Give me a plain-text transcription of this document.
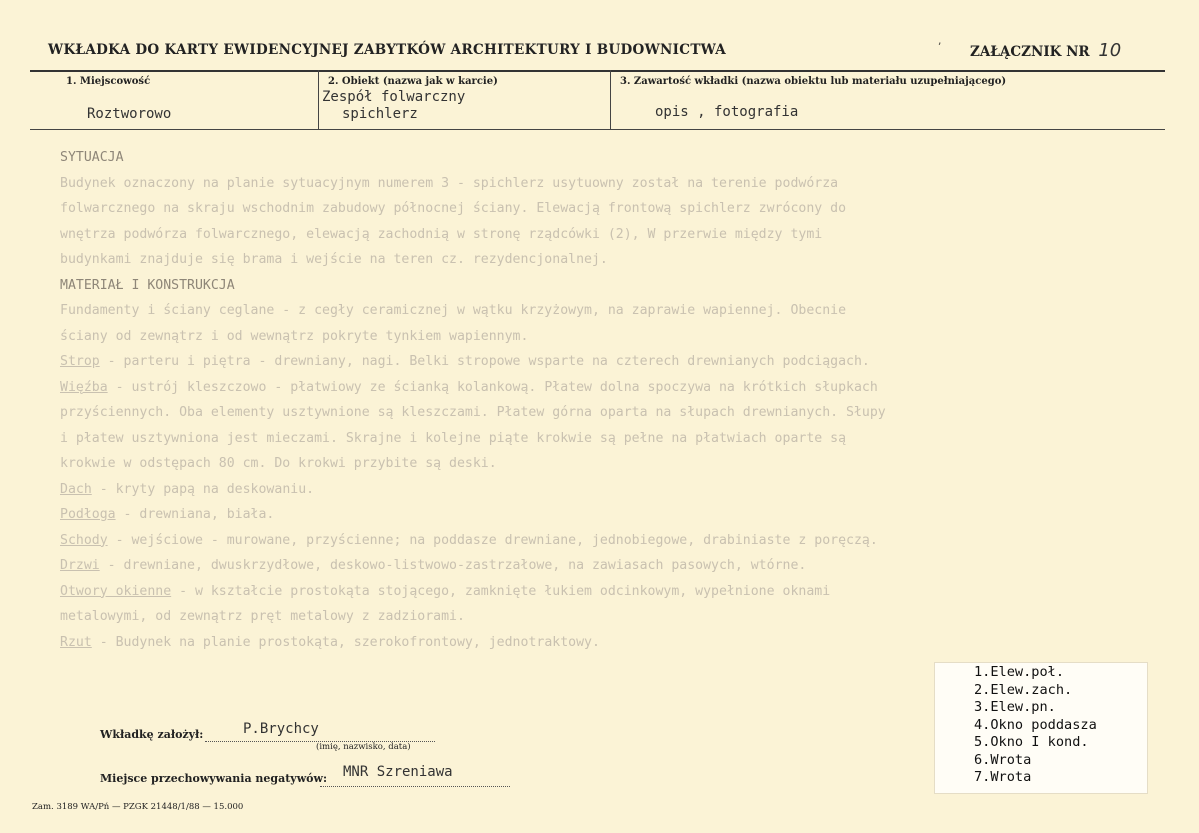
WKŁADKA DO KARTY EWIDENCYJNEJ ZABYTKÓW ARCHITEKTURY I BUDOWNICTWA	’ ZAŁĄCZNIK NR 10
1. Miejscowość
Roztworowo
2. Obiekt (nazwa jak w karcie)
Zespół folwarczny
spichlerz
3. Zawartość wkładki (nazwa obiektu lub materiału uzupełniającego)
opis , fotografia
SYTUACJA
Budynek oznaczony na planie sytuacyjnym numerem 3 - spichlerz usytuowny został na terenie podwórza
folwarcznego na skraju wschodnim zabudowy północnej ściany. Elewacją frontową spichlerz zwrócony do
wnętrza podwórza folwarcznego, elewacją zachodnią w stronę rządcówki (2), W przerwie między tymi
budynkami znajduje się brama i wejście na teren cz. rezydencjonalnej.
MATERIAŁ I KONSTRUKCJA
Fundamenty i ściany ceglane - z cegły ceramicznej w wątku krzyżowym, na zaprawie wapiennej. Obecnie
ściany od zewnątrz i od wewnątrz pokryte tynkiem wapiennym.
Strop - parteru i piętra - drewniany, nagi. Belki stropowe wsparte na czterech drewnianych podciągach.
Więźba - ustrój kleszczowo - płatwiowy ze ścianką kolankową. Płatew dolna spoczywa na krótkich słupkach
przyściennych. Oba elementy usztywnione są kleszczami. Płatew górna oparta na słupach drewnianych. Słupy
i płatew usztywniona jest mieczami. Skrajne i kolejne piąte krokwie są pełne na płatwiach oparte są
krokwie w odstępach 80 cm. Do krokwi przybite są deski.
Dach - kryty papą na deskowaniu.
Podłoga - drewniana, biała.
Schody - wejściowe - murowane, przyścienne; na poddasze drewniane, jednobiegowe, drabiniaste z poręczą.
Drzwi - drewniane, dwuskrzydłowe, deskowo-listwowo-zastrzałowe, na zawiasach pasowych, wtórne.
Otwory okienne - w kształcie prostokąta stojącego, zamknięte łukiem odcinkowym, wypełnione oknami
metalowymi, od zewnątrz pręt metalowy z zadziorami.
Rzut - Budynek na planie prostokąta, szerokofrontowy, jednotraktowy.
1.Elew.poł.
2.Elew.zach.
3.Elew.pn.
4.Okno poddasza
5.Okno I kond.
6.Wrota
7.Wrota
Wkładkę założył:	P.Brychcy
(imię, nazwisko, data)
Miejsce przechowywania negatywów: MNR Szreniawa
Zam. 3189 WA/Pń — PZGK 21448/1/88 — 15.000
